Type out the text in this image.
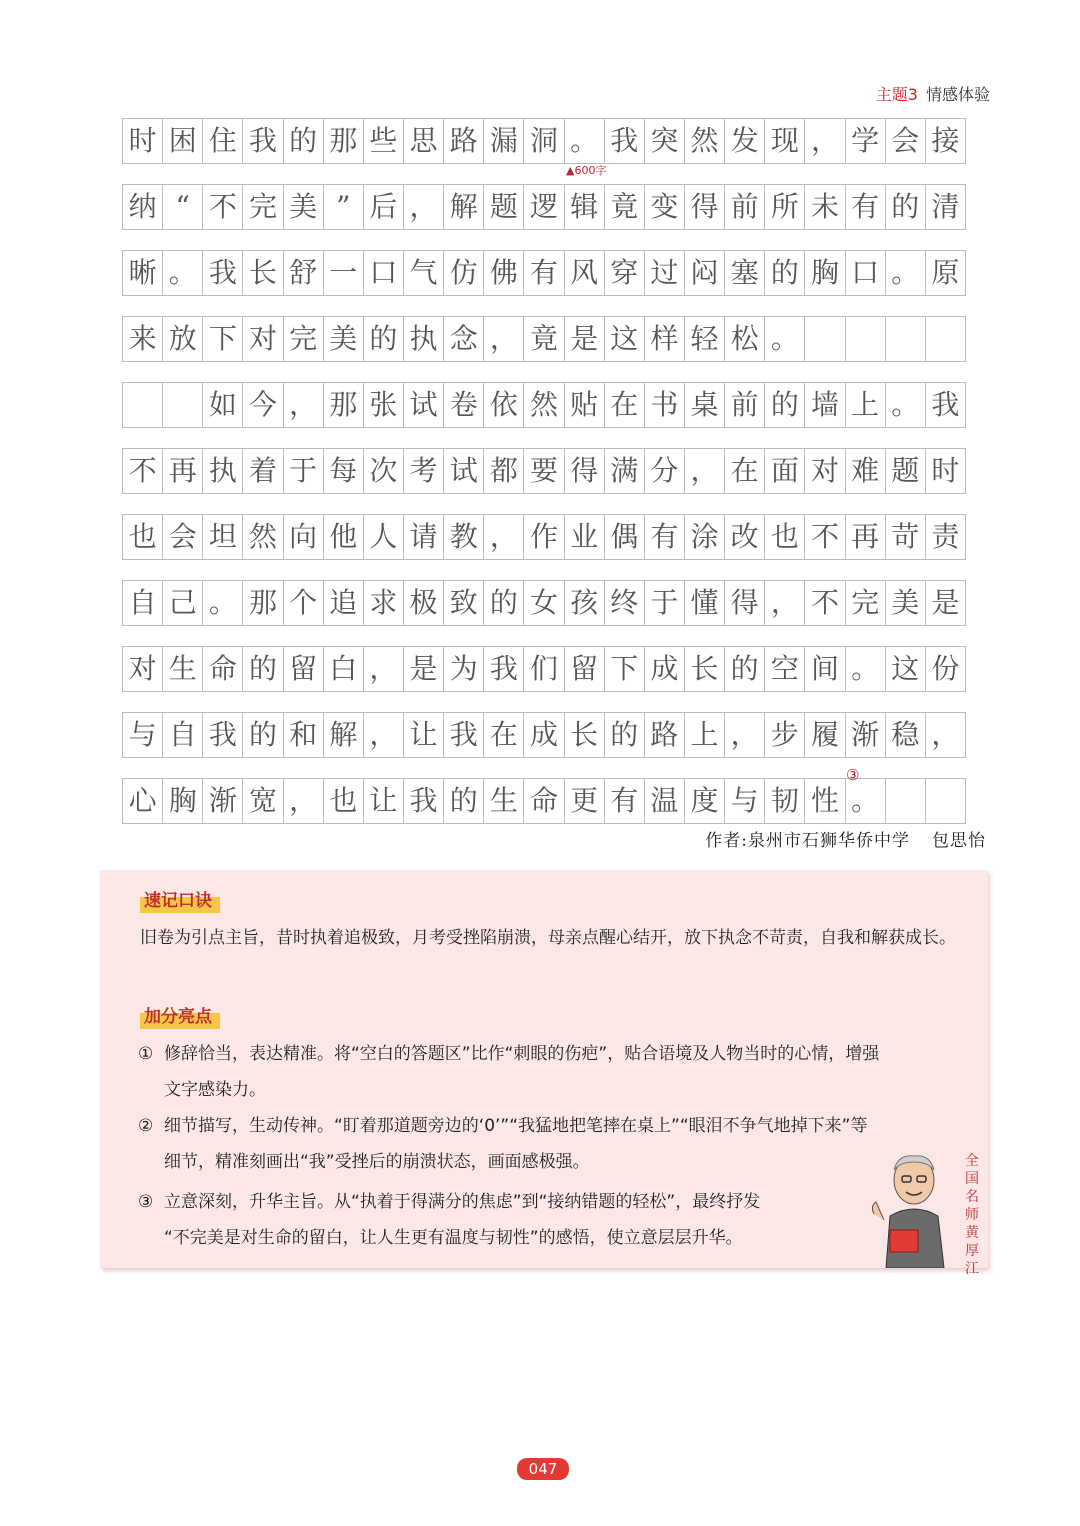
主题3 情感体验
时 困 住 我 的 那 些 思 路 漏 洞 。 我 突 然 发 现 ， 学 会 接
纳 “ 不 完 美 ” 后 ， 解 题 逻 辑 竟 变 得 前 所 未 有 的 清
晰 。 我 长 舒 一 口 气 仿 佛 有 风 穿 过 闷 塞 的 胸 口 。 原
来 放 下 对 完 美 的 执 念 ， 竟 是 这 样 轻 松 。
如 今 ， 那 张 试 卷 依 然 贴 在 书 桌 前 的 墙 上 。 我
不 再 执 着 于 每 次 考 试 都 要 得 满 分 ， 在 面 对 难 题 时
也 会 坦 然 向 他 人 请 教 ， 作 业 偶 有 涂 改 也 不 再 苛 责
自 己 。 那 个 追 求 极 致 的 女 孩 终 于 懂 得 ， 不 完 美 是
对 生 命 的 留 白 ， 是 为 我 们 留 下 成 长 的 空 间 。 这 份
与 自 我 的 和 解 ， 让 我 在 成 长 的 路 上 ， 步 履 渐 稳 ，
心 胸 渐 宽 ， 也 让 我 的 生 命 更 有 温 度 与 韧 性 。
▲600字
③
作者:泉州市石狮华侨中学 包思怡
速记口诀
旧卷为引点主旨，昔时执着追极致，月考受挫陷崩溃，母亲点醒心结开，放下执念不苛责，自我和解获成长。
加分亮点
① 修辞恰当，表达精准。将“空白的答题区”比作“刺眼的伤疤”，贴合语境及人物当时的心情，增强
文字感染力。
② 细节描写，生动传神。“盯着那道题旁边的‘0’”“我猛地把笔摔在桌上”“眼泪不争气地掉下来”等
细节，精准刻画出“我”受挫后的崩溃状态，画面感极强。
③ 立意深刻，升华主旨。从“执着于得满分的焦虑”到“接纳错题的轻松”，最终抒发
“不完美是对生命的留白，让人生更有温度与韧性”的感悟，使立意层层升华。
全
国
名
师
黄
厚
江
047
